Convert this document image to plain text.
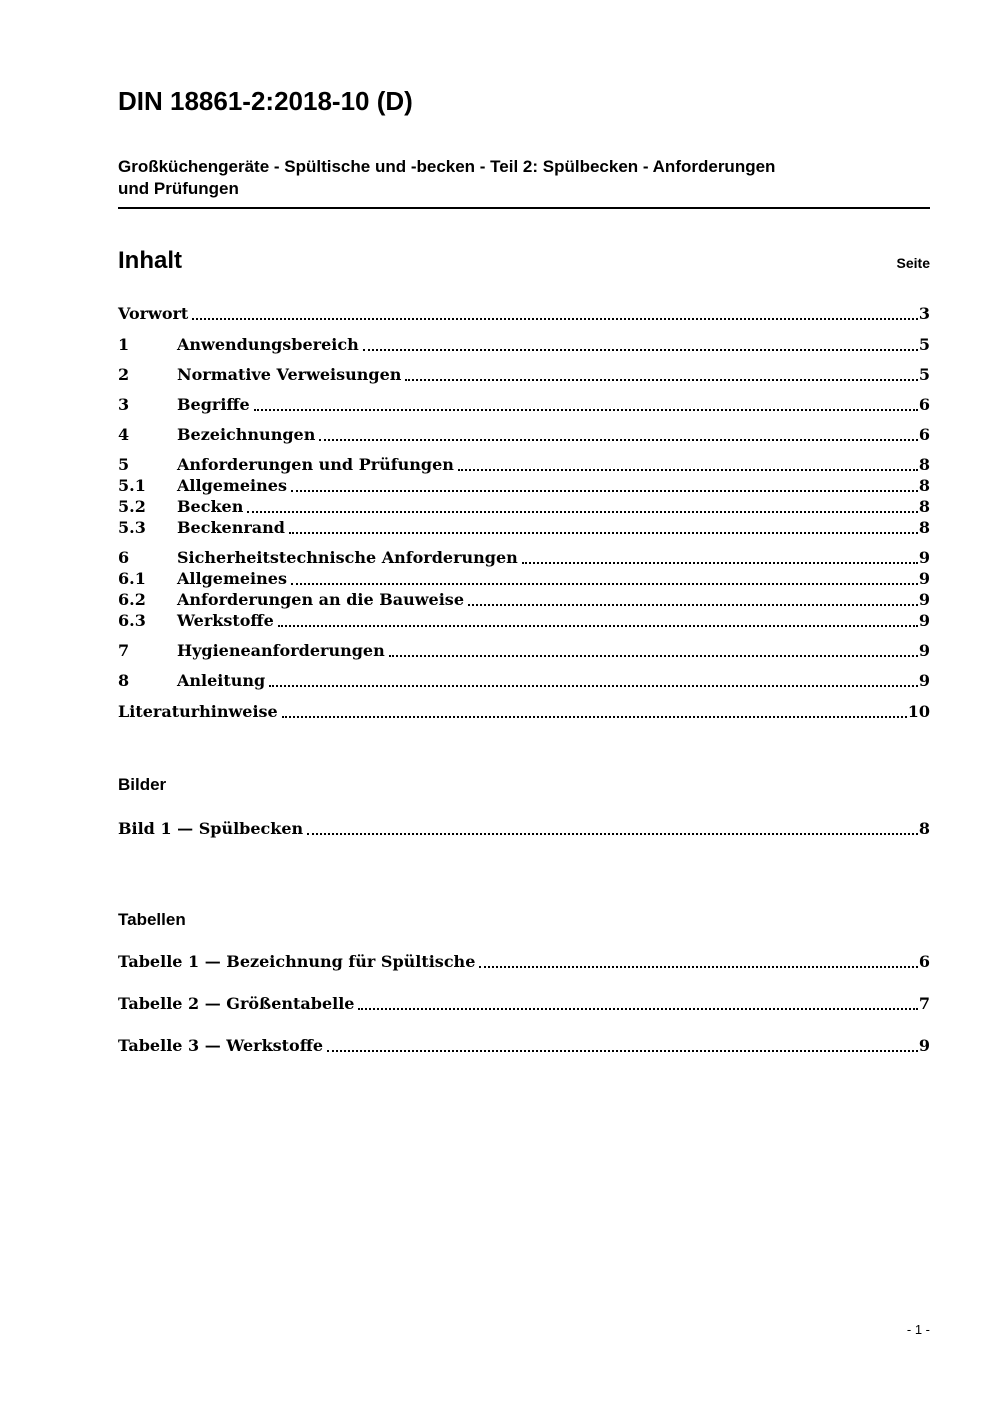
DIN 18861-2:2018-10 (D)
Großküchengeräte - Spültische und -becken - Teil 2: Spülbecken - Anforderungen
und Prüfungen
Inhalt	Seite
Vorwort	3
1	Anwendungsbereich	5
2	Normative Verweisungen	5
3	Begriffe	6
4	Bezeichnungen	6
5	Anforderungen und Prüfungen	8
5.1	Allgemeines	8
5.2	Becken	8
5.3	Beckenrand	8
6	Sicherheitstechnische Anforderungen	9
6.1	Allgemeines	9
6.2	Anforderungen an die Bauweise	9
6.3	Werkstoffe	9
7	Hygieneanforderungen	9
8	Anleitung	9
Literaturhinweise	10
Bilder
Bild 1 — Spülbecken	8
Tabellen
Tabelle 1 — Bezeichnung für Spültische	6
Tabelle 2 — Größentabelle	7
Tabelle 3 — Werkstoffe	9
- 1 -
